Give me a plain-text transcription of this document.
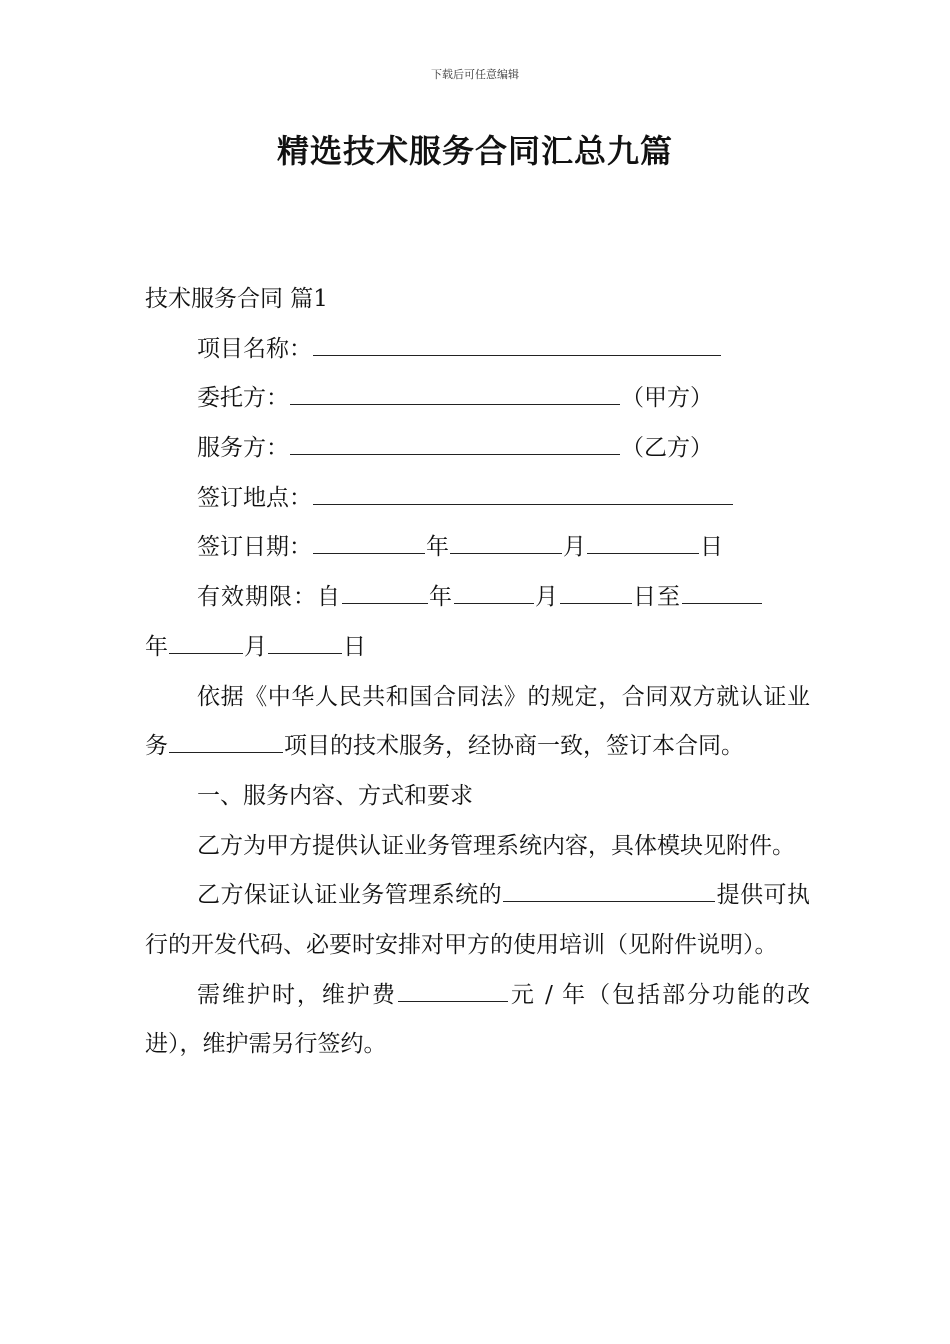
下载后可任意编辑
精选技术服务合同汇总九篇
技术服务合同 篇1
项目名称：
委托方：	（甲方）
服务方：	（乙方）
签订地点：
签订日期：	年	月	日
有效期限：自	年	月	日至
年	月	日
依据《中华人民共和国合同法》的规定，合同双方就认证业务	项目的技术服务，经协商一致，签订本合同。
一、服务内容、方式和要求
乙方为甲方提供认证业务管理系统内容，具体模块见附件。
乙方保证认证业务管理系统的	提供可执行的开发代码、必要时安排对甲方的使用培训（见附件说明）。
需维护时，维护费	元 / 年（包括部分功能的改进），维护需另行签约。
